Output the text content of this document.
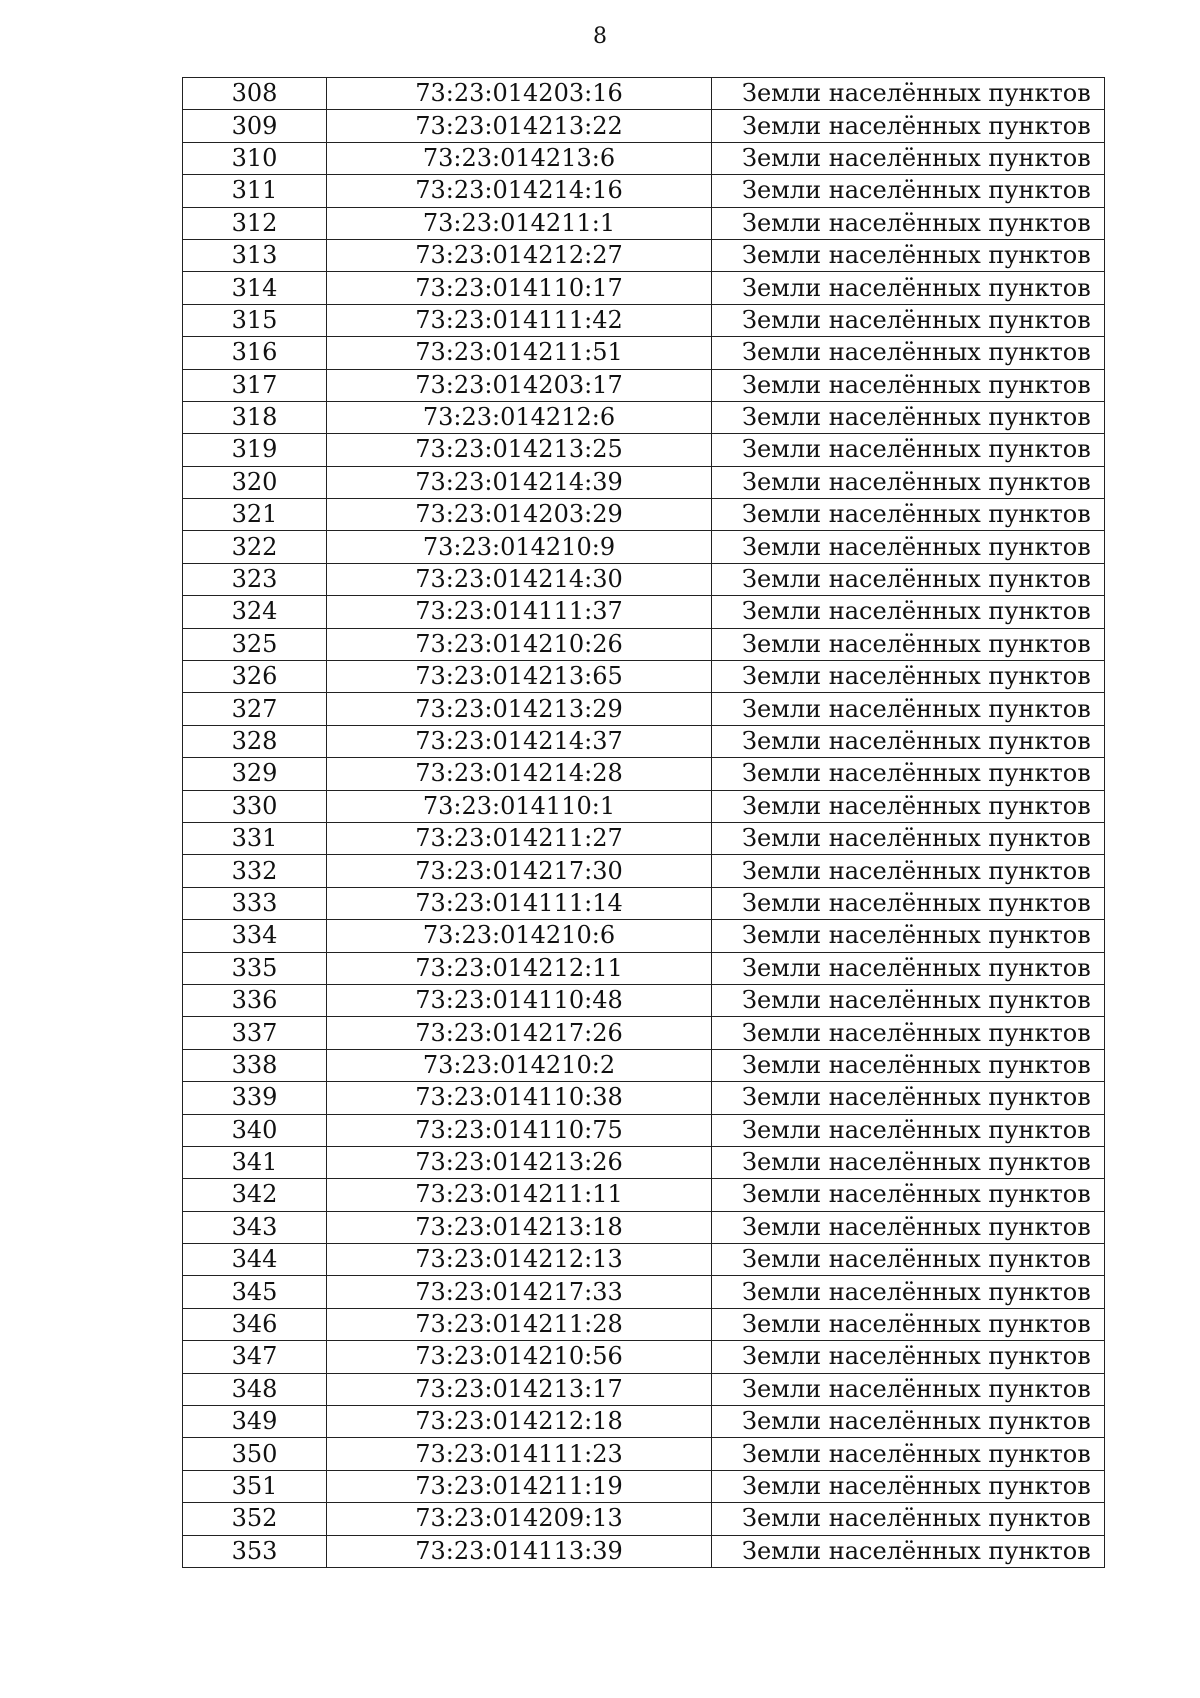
8
308	73:23:014203:16	Земли населённых пунктов
309	73:23:014213:22	Земли населённых пунктов
310	73:23:014213:6	Земли населённых пунктов
311	73:23:014214:16	Земли населённых пунктов
312	73:23:014211:1	Земли населённых пунктов
313	73:23:014212:27	Земли населённых пунктов
314	73:23:014110:17	Земли населённых пунктов
315	73:23:014111:42	Земли населённых пунктов
316	73:23:014211:51	Земли населённых пунктов
317	73:23:014203:17	Земли населённых пунктов
318	73:23:014212:6	Земли населённых пунктов
319	73:23:014213:25	Земли населённых пунктов
320	73:23:014214:39	Земли населённых пунктов
321	73:23:014203:29	Земли населённых пунктов
322	73:23:014210:9	Земли населённых пунктов
323	73:23:014214:30	Земли населённых пунктов
324	73:23:014111:37	Земли населённых пунктов
325	73:23:014210:26	Земли населённых пунктов
326	73:23:014213:65	Земли населённых пунктов
327	73:23:014213:29	Земли населённых пунктов
328	73:23:014214:37	Земли населённых пунктов
329	73:23:014214:28	Земли населённых пунктов
330	73:23:014110:1	Земли населённых пунктов
331	73:23:014211:27	Земли населённых пунктов
332	73:23:014217:30	Земли населённых пунктов
333	73:23:014111:14	Земли населённых пунктов
334	73:23:014210:6	Земли населённых пунктов
335	73:23:014212:11	Земли населённых пунктов
336	73:23:014110:48	Земли населённых пунктов
337	73:23:014217:26	Земли населённых пунктов
338	73:23:014210:2	Земли населённых пунктов
339	73:23:014110:38	Земли населённых пунктов
340	73:23:014110:75	Земли населённых пунктов
341	73:23:014213:26	Земли населённых пунктов
342	73:23:014211:11	Земли населённых пунктов
343	73:23:014213:18	Земли населённых пунктов
344	73:23:014212:13	Земли населённых пунктов
345	73:23:014217:33	Земли населённых пунктов
346	73:23:014211:28	Земли населённых пунктов
347	73:23:014210:56	Земли населённых пунктов
348	73:23:014213:17	Земли населённых пунктов
349	73:23:014212:18	Земли населённых пунктов
350	73:23:014111:23	Земли населённых пунктов
351	73:23:014211:19	Земли населённых пунктов
352	73:23:014209:13	Земли населённых пунктов
353	73:23:014113:39	Земли населённых пунктов
